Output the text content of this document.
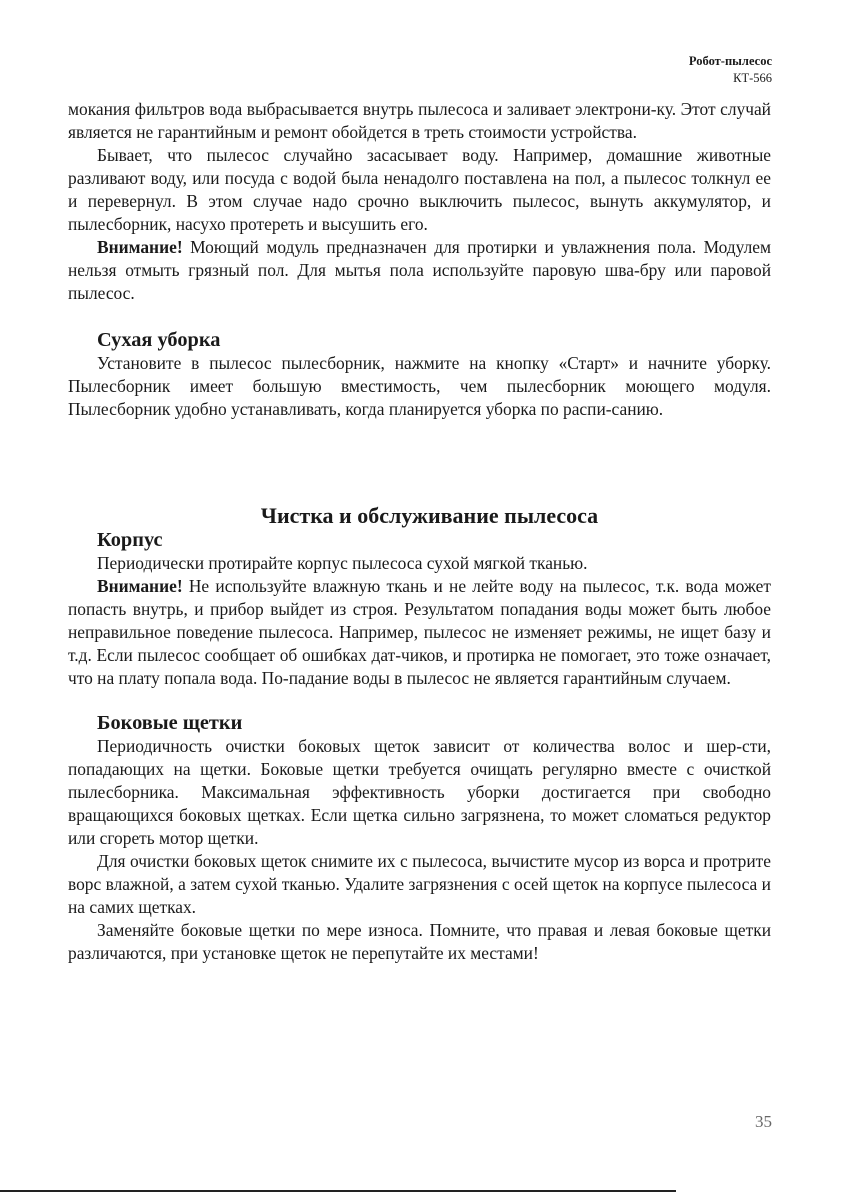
Робот-пылесос
КТ-566

мокания фильтров вода выбрасывается внутрь пылесоса и заливает электрони-ку. Этот случай является не гарантийным и ремонт обойдется в треть стоимости устройства.

Бывает, что пылесос случайно засасывает воду. Например, домашние животные разливают воду, или посуда с водой была ненадолго поставлена на пол, а пылесос толкнул ее и перевернул. В этом случае надо срочно выключить пылесос, вынуть аккумулятор, и пылесборник, насухо протереть и высушить его.

Внимание! Моющий модуль предназначен для протирки и увлажнения пола. Модулем нельзя отмыть грязный пол. Для мытья пола используйте паровую шва-бру или паровой пылесос.

Сухая уборка

Установите в пылесос пылесборник, нажмите на кнопку «Старт» и начните уборку. Пылесборник имеет большую вместимость, чем пылесборник моющего модуля. Пылесборник удобно устанавливать, когда планируется уборка по распи-санию.

Чистка и обслуживание пылесоса
Корпус

Периодически протирайте корпус пылесоса сухой мягкой тканью.

Внимание! Не используйте влажную ткань и не лейте воду на пылесос, т.к. вода может попасть внутрь, и прибор выйдет из строя. Результатом попадания воды может быть любое неправильное поведение пылесоса. Например, пылесос не изменяет режимы, не ищет базу и т.д. Если пылесос сообщает об ошибках дат-чиков, и протирка не помогает, это тоже означает, что на плату попала вода. По-падание воды в пылесос не является гарантийным случаем.

Боковые щетки

Периодичность очистки боковых щеток зависит от количества волос и шер-сти, попадающих на щетки. Боковые щетки требуется очищать регулярно вместе с очисткой пылесборника. Максимальная эффективность уборки достигается при свободно вращающихся боковых щетках. Если щетка сильно загрязнена, то может сломаться редуктор или сгореть мотор щетки.

Для очистки боковых щеток снимите их с пылесоса, вычистите мусор из ворса и протрите ворс влажной, а затем сухой тканью. Удалите загрязнения с осей щеток на корпусе пылесоса и на самих щетках.

Заменяйте боковые щетки по мере износа. Помните, что правая и левая боковые щетки различаются, при установке щеток не перепутайте их местами!

35
